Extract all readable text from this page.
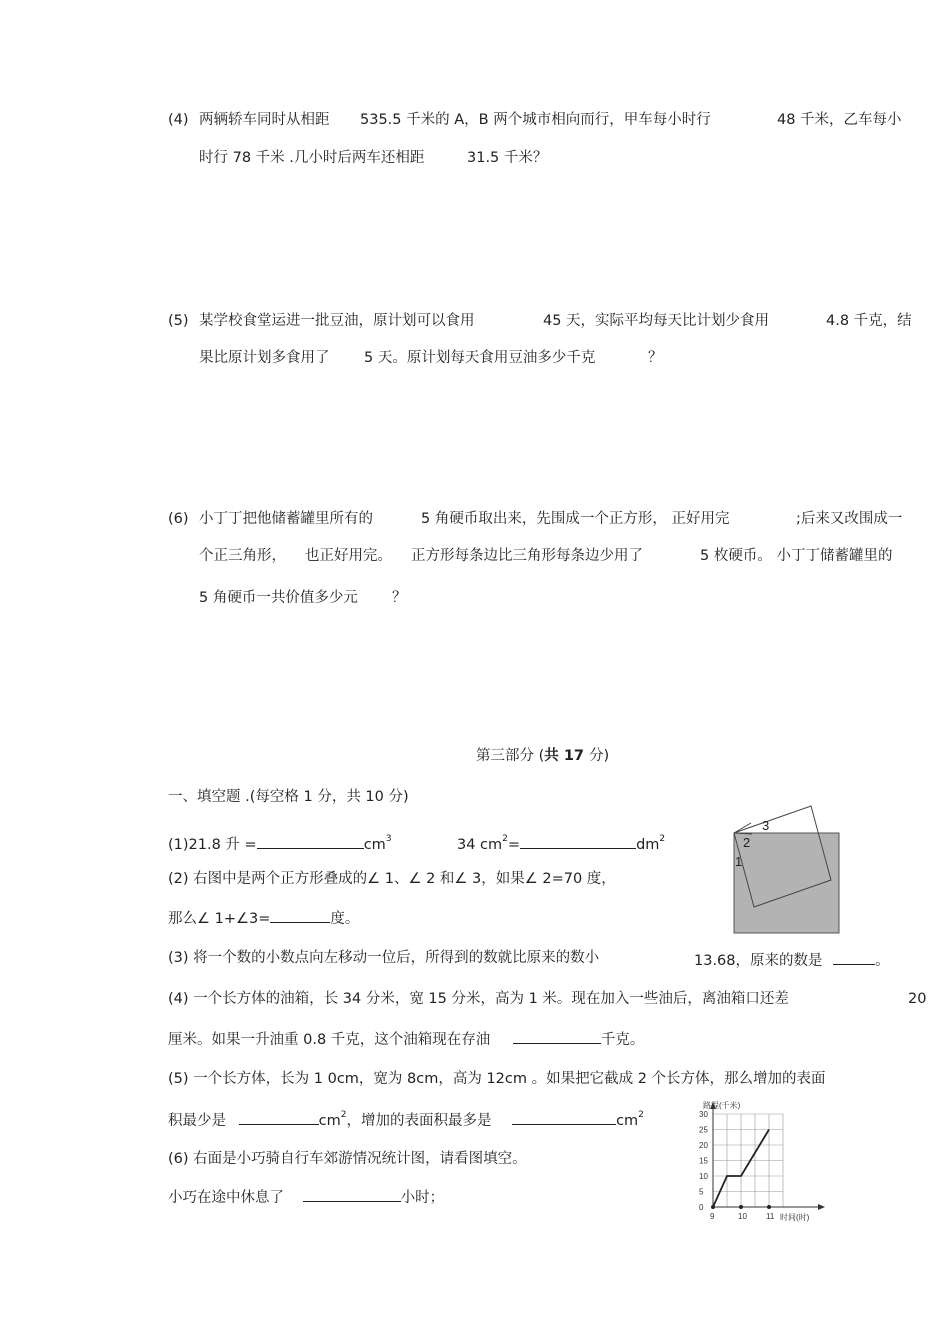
(4) 两辆轿车同时从相距 535.5 千米的 A，B 两个城市相向而行，甲车每小时行	48 千米，乙车每小
时行 78 千米 .几小时后两车还相距	31.5 千米？
(5) 某学校食堂运进一批豆油，原计划可以食用	45 天，实际平均每天比计划少食用	4.8 千克，结
果比原计划多食用了 5 天。原计划每天食用豆油多少千克	？
(6) 小丁丁把他储蓄罐里所有的	5 角硬币取出来，先围成一个正方形， 正好用完	;后来又改围成一
个正三角形， 也正好用完。 正方形每条边比三角形每条边少用了	5 枚硬币。 小丁丁储蓄罐里的
5 角硬币一共价值多少元 ？
第三部分 (共 17 分)
一、填空题 .(每空格 1 分，共 10 分)
(1)21.8 升 =	$cm^3$	34 $cm^2=$	$dm^2$
(2) 右图中是两个正方形叠成的∠ 1、∠ 2 和∠ 3，如果∠ 2=70 度，
那么∠ 1+∠3=	度。
1
2
3
(3) 将一个数的小数点向左移动一位后，所得到的数就比原来的数小	13.68，原来的数是	。
(4) 一个长方体的油箱，长 34 分米，宽 15 分米，高为 1 米。现在加入一些油后，离油箱口还差	20
厘米。如果一升油重 0.8 千克，这个油箱现在存油	千克。
(5) 一个长方体，长为 1 0cm，宽为 8cm，高为 12cm 。如果把它截成 2 个长方体，那么增加的表面
积最少是	$cm^2$，增加的表面积最多是	$cm^2$
(6) 右面是小巧骑自行车郊游情况统计图，请看图填空。
小巧在途中休息了	小时；
0
5
10
15
20
25
30
9	10 11
路程(千米)
时间(时)
